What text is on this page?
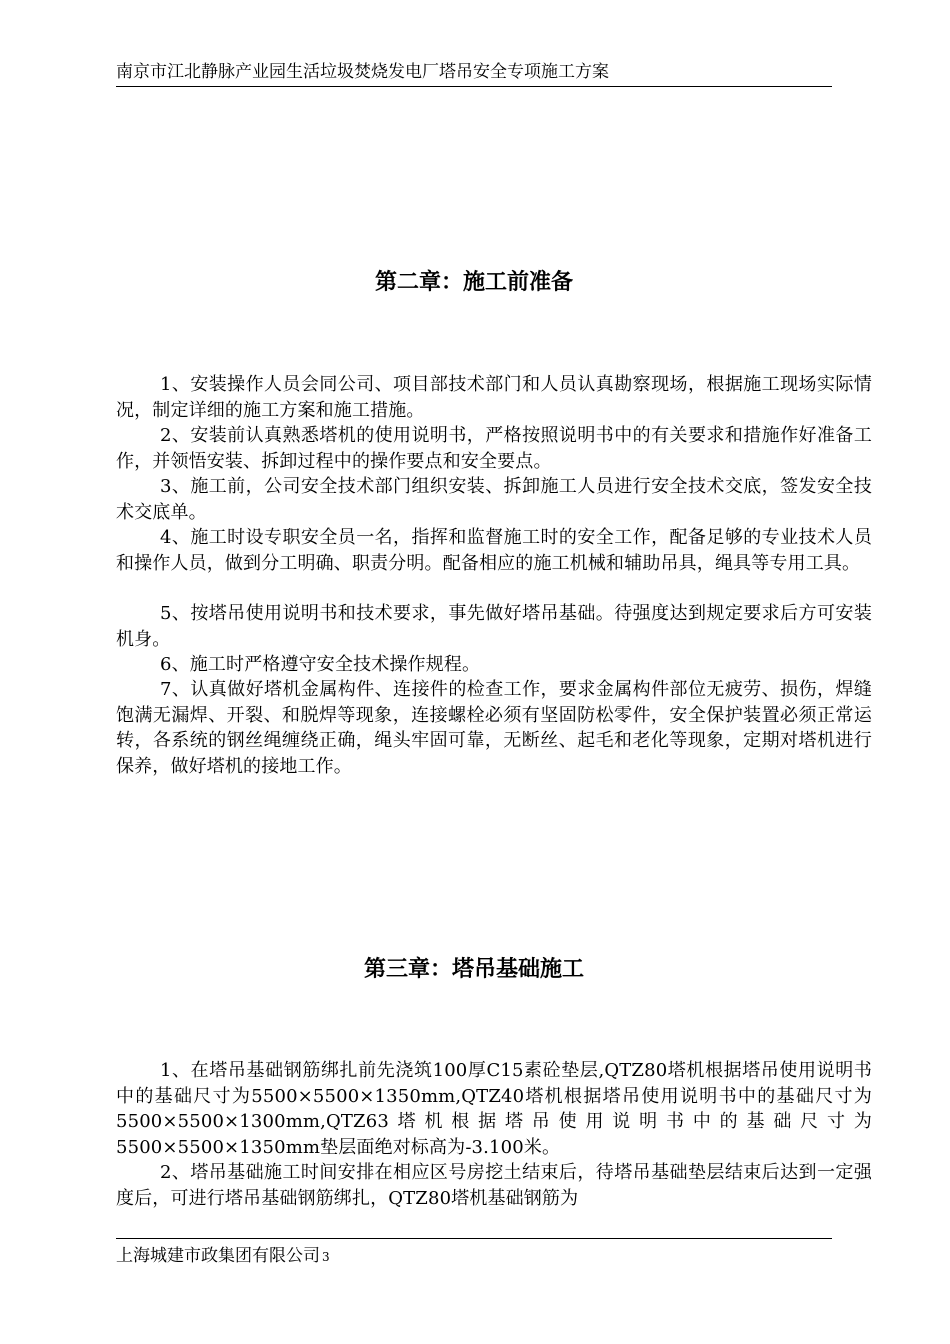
南京市江北静脉产业园生活垃圾焚烧发电厂塔吊安全专项施工方案
第二章：施工前准备
1、安装操作人员会同公司、项目部技术部门和人员认真勘察现场，根据施工现场实际情况，制定详细的施工方案和施工措施。
2、安装前认真熟悉塔机的使用说明书，严格按照说明书中的有关要求和措施作好准备工作，并领悟安装、拆卸过程中的操作要点和安全要点。
3、施工前，公司安全技术部门组织安装、拆卸施工人员进行安全技术交底，签发安全技术交底单。
4、施工时设专职安全员一名，指挥和监督施工时的安全工作，配备足够的专业技术人员和操作人员，做到分工明确、职责分明。配备相应的施工机械和辅助吊具，绳具等专用工具。
5、按塔吊使用说明书和技术要求，事先做好塔吊基础。待强度达到规定要求后方可安装机身。
6、施工时严格遵守安全技术操作规程。
7、认真做好塔机金属构件、连接件的检查工作，要求金属构件部位无疲劳、损伤，焊缝饱满无漏焊、开裂、和脱焊等现象，连接螺栓必须有坚固防松零件，安全保护装置必须正常运转，各系统的钢丝绳缠绕正确，绳头牢固可靠，无断丝、起毛和老化等现象，定期对塔机进行保养，做好塔机的接地工作。
第三章：塔吊基础施工
1、在塔吊基础钢筋绑扎前先浇筑100厚C15素砼垫层,QTZ80塔机根据塔吊使用说明书中的基础尺寸为5500×5500×1350mm,QTZ40塔机根据塔吊使用说明书中的基础尺寸为5500×5500×1300mm,QTZ63塔机根据塔吊使用说明书中的基础尺寸为5500×5500×1350mm垫层面绝对标高为-3.100米。
2、塔吊基础施工时间安排在相应区号房挖土结束后，待塔吊基础垫层结束后达到一定强度后，可进行塔吊基础钢筋绑扎，QTZ80塔机基础钢筋为
上海城建市政集团有限公司 3
